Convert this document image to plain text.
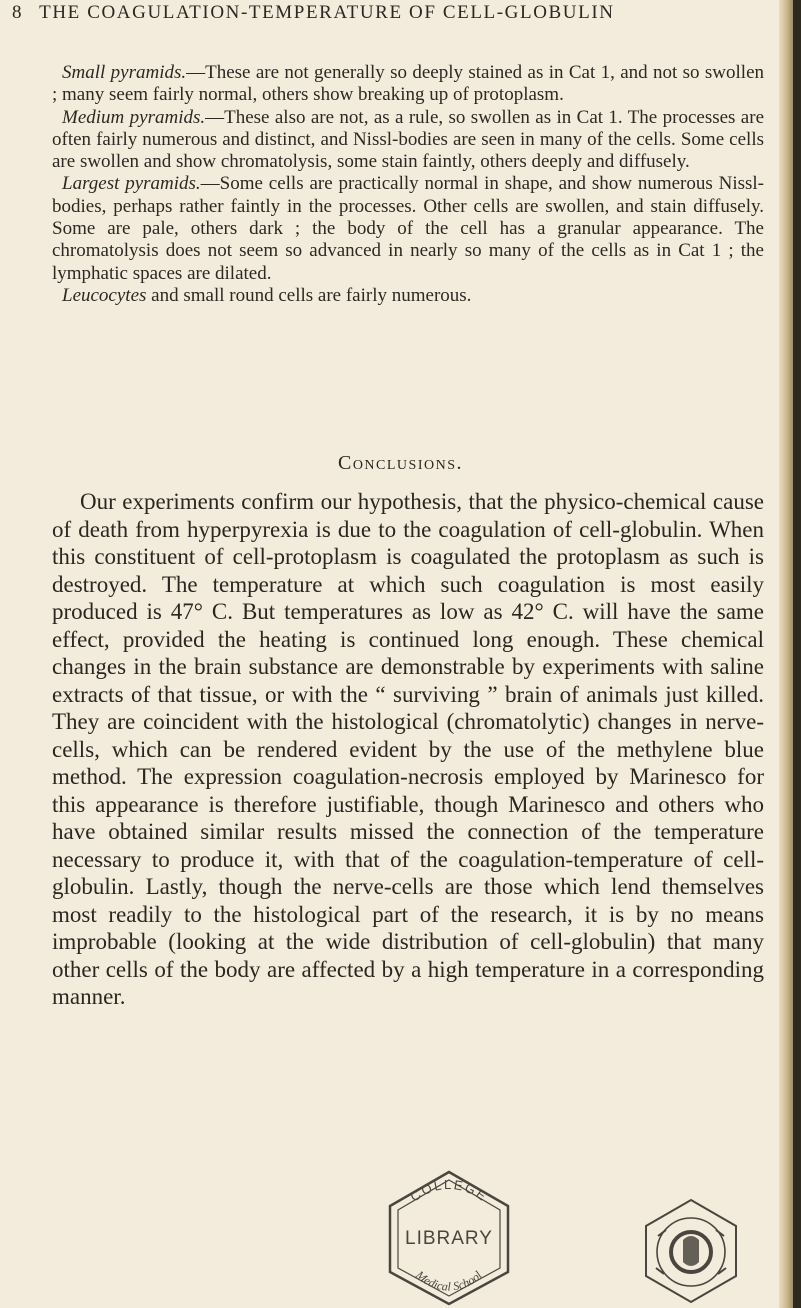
8 THE COAGULATION-TEMPERATURE OF CELL-GLOBULIN

Small pyramids.—These are not generally so deeply stained as in Cat 1, and not so swollen ; many seem fairly normal, others show breaking up of protoplasm.

Medium pyramids.—These also are not, as a rule, so swollen as in Cat 1. The processes are often fairly numerous and distinct, and Nissl-bodies are seen in many of the cells. Some cells are swollen and show chromatolysis, some stain faintly, others deeply and diffusely.

Largest pyramids.—Some cells are practically normal in shape, and show numerous Nissl-bodies, perhaps rather faintly in the processes. Other cells are swollen, and stain diffusely. Some are pale, others dark ; the body of the cell has a granular appearance. The chromatolysis does not seem so advanced in nearly so many of the cells as in Cat 1 ; the lymphatic spaces are dilated.

Leucocytes and small round cells are fairly numerous.

Conclusions.

Our experiments confirm our hypothesis, that the physico-chemical cause of death from hyperpyrexia is due to the coagulation of cell-globulin. When this constituent of cell-protoplasm is coagulated the protoplasm as such is destroyed. The temperature at which such coagulation is most easily produced is 47° C. But temperatures as low as 42° C. will have the same effect, provided the heating is continued long enough. These chemical changes in the brain substance are demonstrable by experiments with saline extracts of that tissue, or with the “ surviving ” brain of animals just killed. They are coincident with the histological (chromatolytic) changes in nerve-cells, which can be rendered evident by the use of the methylene blue method. The expression coagulation-necrosis employed by Marinesco for this appearance is therefore justifiable, though Marinesco and others who have obtained similar results missed the connection of the temperature necessary to produce it, with that of the coagulation-temperature of cell-globulin. Lastly, though the nerve-cells are those which lend themselves most readily to the histological part of the research, it is by no means improbable (looking at the wide distribution of cell-globulin) that many other cells of the body are affected by a high temperature in a corresponding manner.

COLLEGE
LIBRARY
Medical School
